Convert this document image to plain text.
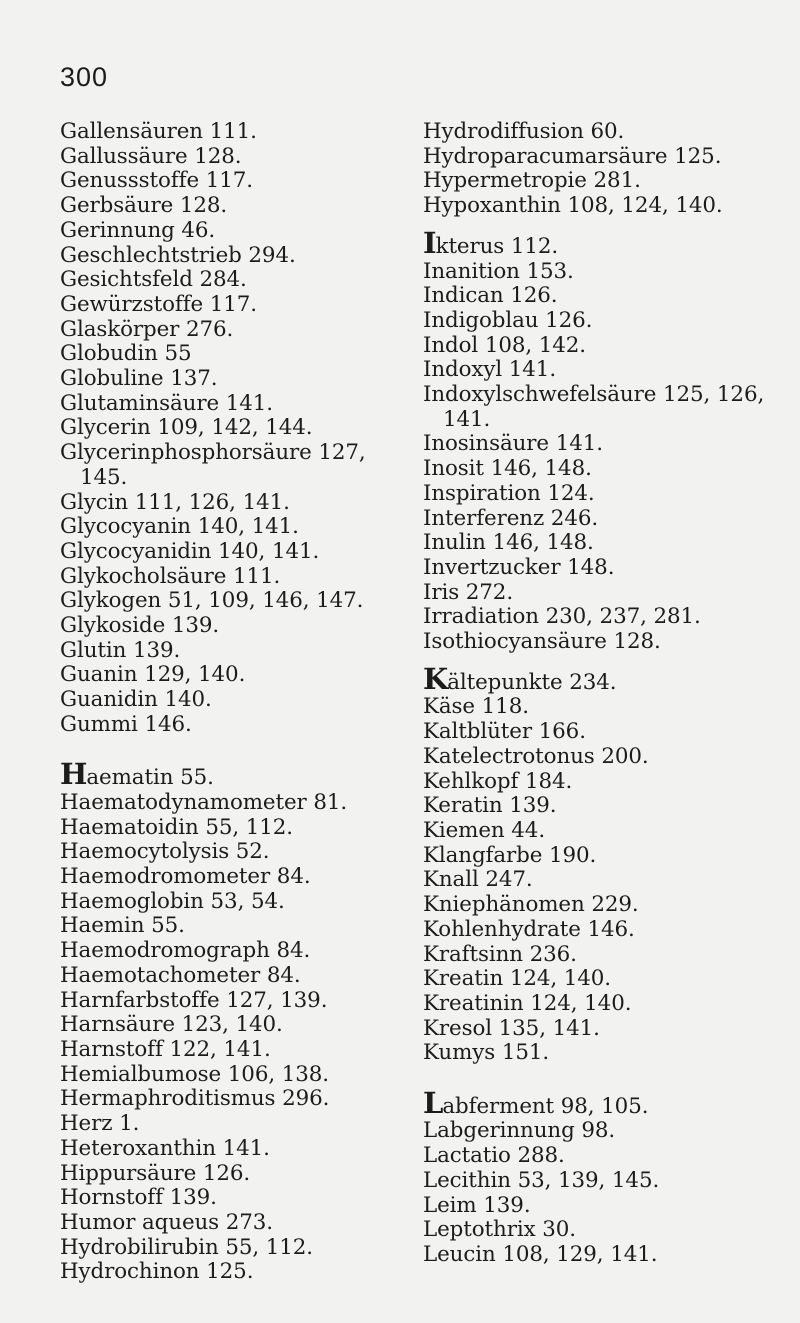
300
Gallensäuren 111.
Gallussäure 128.
Genussstoffe 117.
Gerbsäure 128.
Gerinnung 46.
Geschlechtstrieb 294.
Gesichtsfeld 284.
Gewürzstoffe 117.
Glaskörper 276.
Globudin 55
Globuline 137.
Glutaminsäure 141.
Glycerin 109, 142, 144.
Glycerinphosphorsäure 127,
145.
Glycin 111, 126, 141.
Glycocyanin 140, 141.
Glycocyanidin 140, 141.
Glykocholsäure 111.
Glykogen 51, 109, 146, 147.
Glykoside 139.
Glutin 139.
Guanin 129, 140.
Guanidin 140.
Gummi 146.
Haematin 55.
Haematodynamometer 81.
Haematoidin 55, 112.
Haemocytolysis 52.
Haemodromometer 84.
Haemoglobin 53, 54.
Haemin 55.
Haemodromograph 84.
Haemotachometer 84.
Harnfarbstoffe 127, 139.
Harnsäure 123, 140.
Harnstoff 122, 141.
Hemialbumose 106, 138.
Hermaphroditismus 296.
Herz 1.
Heteroxanthin 141.
Hippursäure 126.
Hornstoff 139.
Humor aqueus 273.
Hydrobilirubin 55, 112.
Hydrochinon 125.
Hydrodiffusion 60.
Hydroparacumarsäure 125.
Hypermetropie 281.
Hypoxanthin 108, 124, 140.
Ikterus 112.
Inanition 153.
Indican 126.
Indigoblau 126.
Indol 108, 142.
Indoxyl 141.
Indoxylschwefelsäure 125, 126,
141.
Inosinsäure 141.
Inosit 146, 148.
Inspiration 124.
Interferenz 246.
Inulin 146, 148.
Invertzucker 148.
Iris 272.
Irradiation 230, 237, 281.
Isothiocyansäure 128.
Kältepunkte 234.
Käse 118.
Kaltblüter 166.
Katelectrotonus 200.
Kehlkopf 184.
Keratin 139.
Kiemen 44.
Klangfarbe 190.
Knall 247.
Kniephänomen 229.
Kohlenhydrate 146.
Kraftsinn 236.
Kreatin 124, 140.
Kreatinin 124, 140.
Kresol 135, 141.
Kumys 151.
Labferment 98, 105.
Labgerinnung 98.
Lactatio 288.
Lecithin 53, 139, 145.
Leim 139.
Leptothrix 30.
Leucin 108, 129, 141.
